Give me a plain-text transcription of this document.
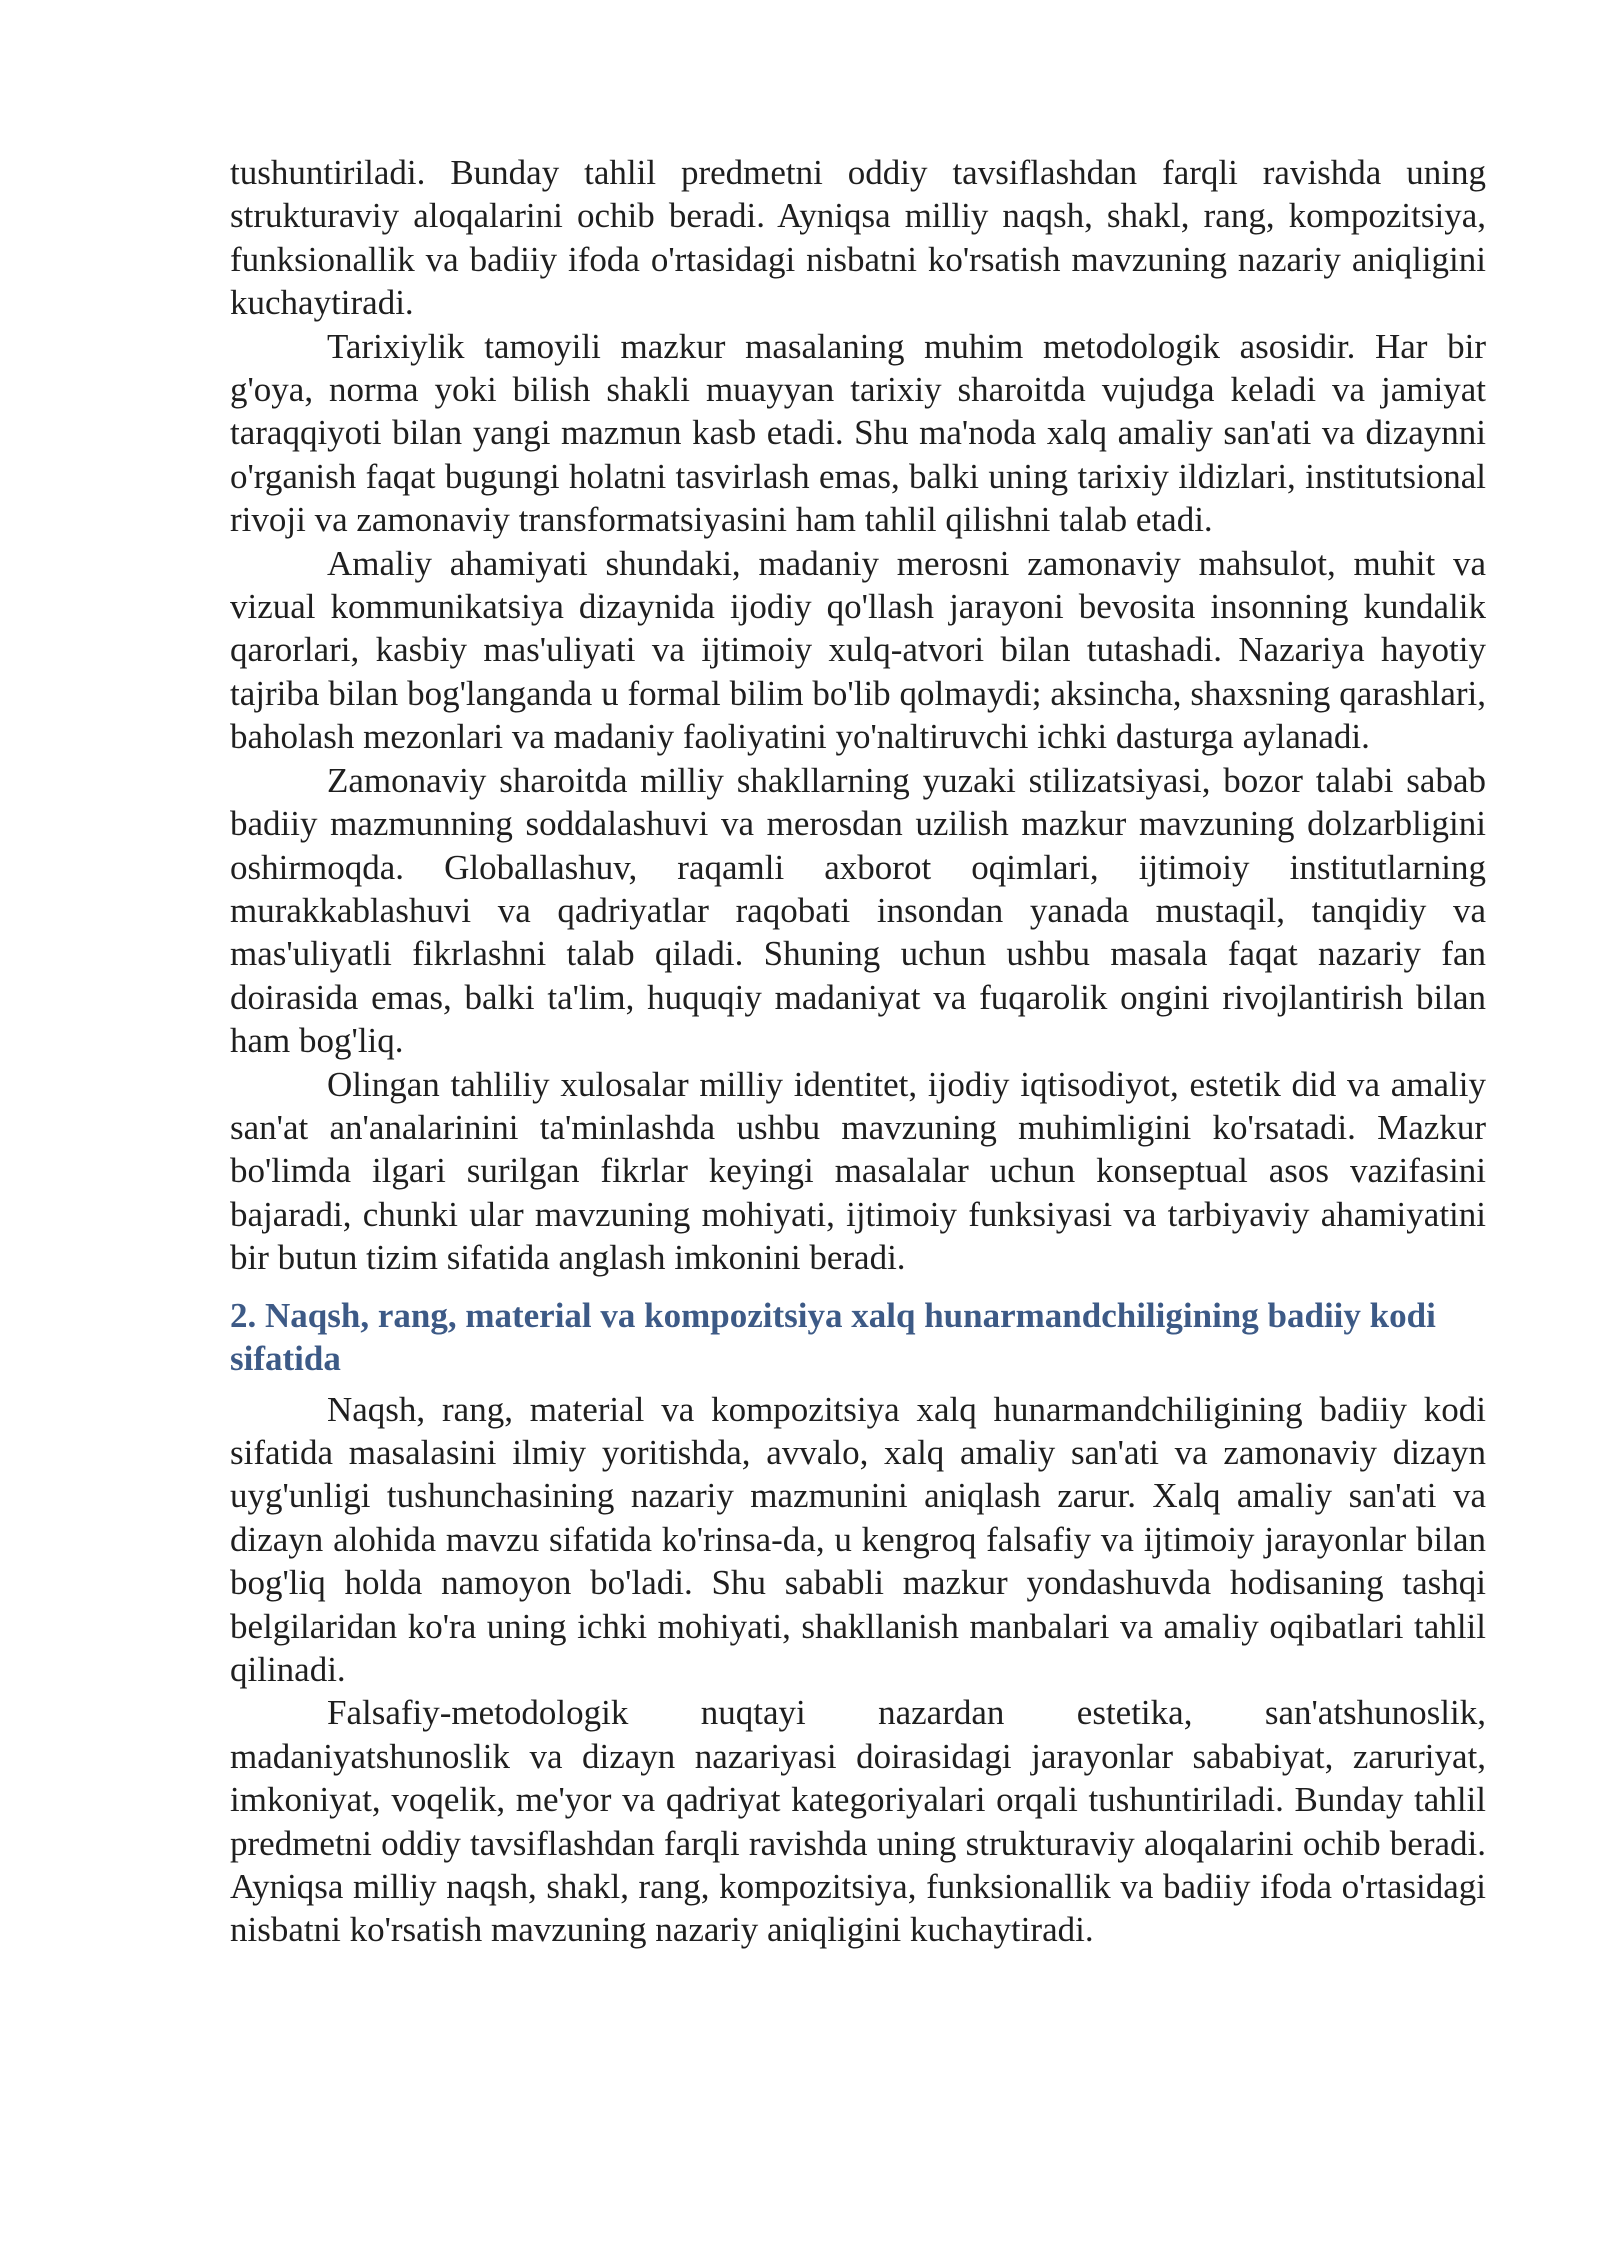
tushuntiriladi. Bunday tahlil predmetni oddiy tavsiflashdan farqli ravishda uning strukturaviy aloqalarini ochib beradi. Ayniqsa milliy naqsh, shakl, rang, kompozitsiya, funksionallik va badiiy ifoda o'rtasidagi nisbatni ko'rsatish mavzuning nazariy aniqligini kuchaytiradi.

Tarixiylik tamoyili mazkur masalaning muhim metodologik asosidir. Har bir g'oya, norma yoki bilish shakli muayyan tarixiy sharoitda vujudga keladi va jamiyat taraqqiyoti bilan yangi mazmun kasb etadi. Shu ma'noda xalq amaliy san'ati va dizaynni o'rganish faqat bugungi holatni tasvirlash emas, balki uning tarixiy ildizlari, institutsional rivoji va zamonaviy transformatsiyasini ham tahlil qilishni talab etadi.

Amaliy ahamiyati shundaki, madaniy merosni zamonaviy mahsulot, muhit va vizual kommunikatsiya dizaynida ijodiy qo'llash jarayoni bevosita insonning kundalik qarorlari, kasbiy mas'uliyati va ijtimoiy xulq-atvori bilan tutashadi. Nazariya hayotiy tajriba bilan bog'langanda u formal bilim bo'lib qolmaydi; aksincha, shaxsning qarashlari, baholash mezonlari va madaniy faoliyatini yo'naltiruvchi ichki dasturga aylanadi.

Zamonaviy sharoitda milliy shakllarning yuzaki stilizatsiyasi, bozor talabi sabab badiiy mazmunning soddalashuvi va merosdan uzilish mazkur mavzuning dolzarbligini oshirmoqda. Globallashuv, raqamli axborot oqimlari, ijtimoiy institutlarning murakkablashuvi va qadriyatlar raqobati insondan yanada mustaqil, tanqidiy va mas'uliyatli fikrlashni talab qiladi. Shuning uchun ushbu masala faqat nazariy fan doirasida emas, balki ta'lim, huquqiy madaniyat va fuqarolik ongini rivojlantirish bilan ham bog'liq.

Olingan tahliliy xulosalar milliy identitet, ijodiy iqtisodiyot, estetik did va amaliy san'at an'analarinini ta'minlashda ushbu mavzuning muhimligini ko'rsatadi. Mazkur bo'limda ilgari surilgan fikrlar keyingi masalalar uchun konseptual asos vazifasini bajaradi, chunki ular mavzuning mohiyati, ijtimoiy funksiyasi va tarbiyaviy ahamiyatini bir butun tizim sifatida anglash imkonini beradi.

2. Naqsh, rang, material va kompozitsiya xalq hunarmandchiligining badiiy kodi sifatida

Naqsh, rang, material va kompozitsiya xalq hunarmandchiligining badiiy kodi sifatida masalasini ilmiy yoritishda, avvalo, xalq amaliy san'ati va zamonaviy dizayn uyg'unligi tushunchasining nazariy mazmunini aniqlash zarur. Xalq amaliy san'ati va dizayn alohida mavzu sifatida ko'rinsa-da, u kengroq falsafiy va ijtimoiy jarayonlar bilan bog'liq holda namoyon bo'ladi. Shu sababli mazkur yondashuvda hodisaning tashqi belgilaridan ko'ra uning ichki mohiyati, shakllanish manbalari va amaliy oqibatlari tahlil qilinadi.

Falsafiy-metodologik nuqtayi nazardan estetika, san'atshunoslik, madaniyatshunoslik va dizayn nazariyasi doirasidagi jarayonlar sababiyat, zaruriyat, imkoniyat, voqelik, me'yor va qadriyat kategoriyalari orqali tushuntiriladi. Bunday tahlil predmetni oddiy tavsiflashdan farqli ravishda uning strukturaviy aloqalarini ochib beradi. Ayniqsa milliy naqsh, shakl, rang, kompozitsiya, funksionallik va badiiy ifoda o'rtasidagi nisbatni ko'rsatish mavzuning nazariy aniqligini kuchaytiradi.
